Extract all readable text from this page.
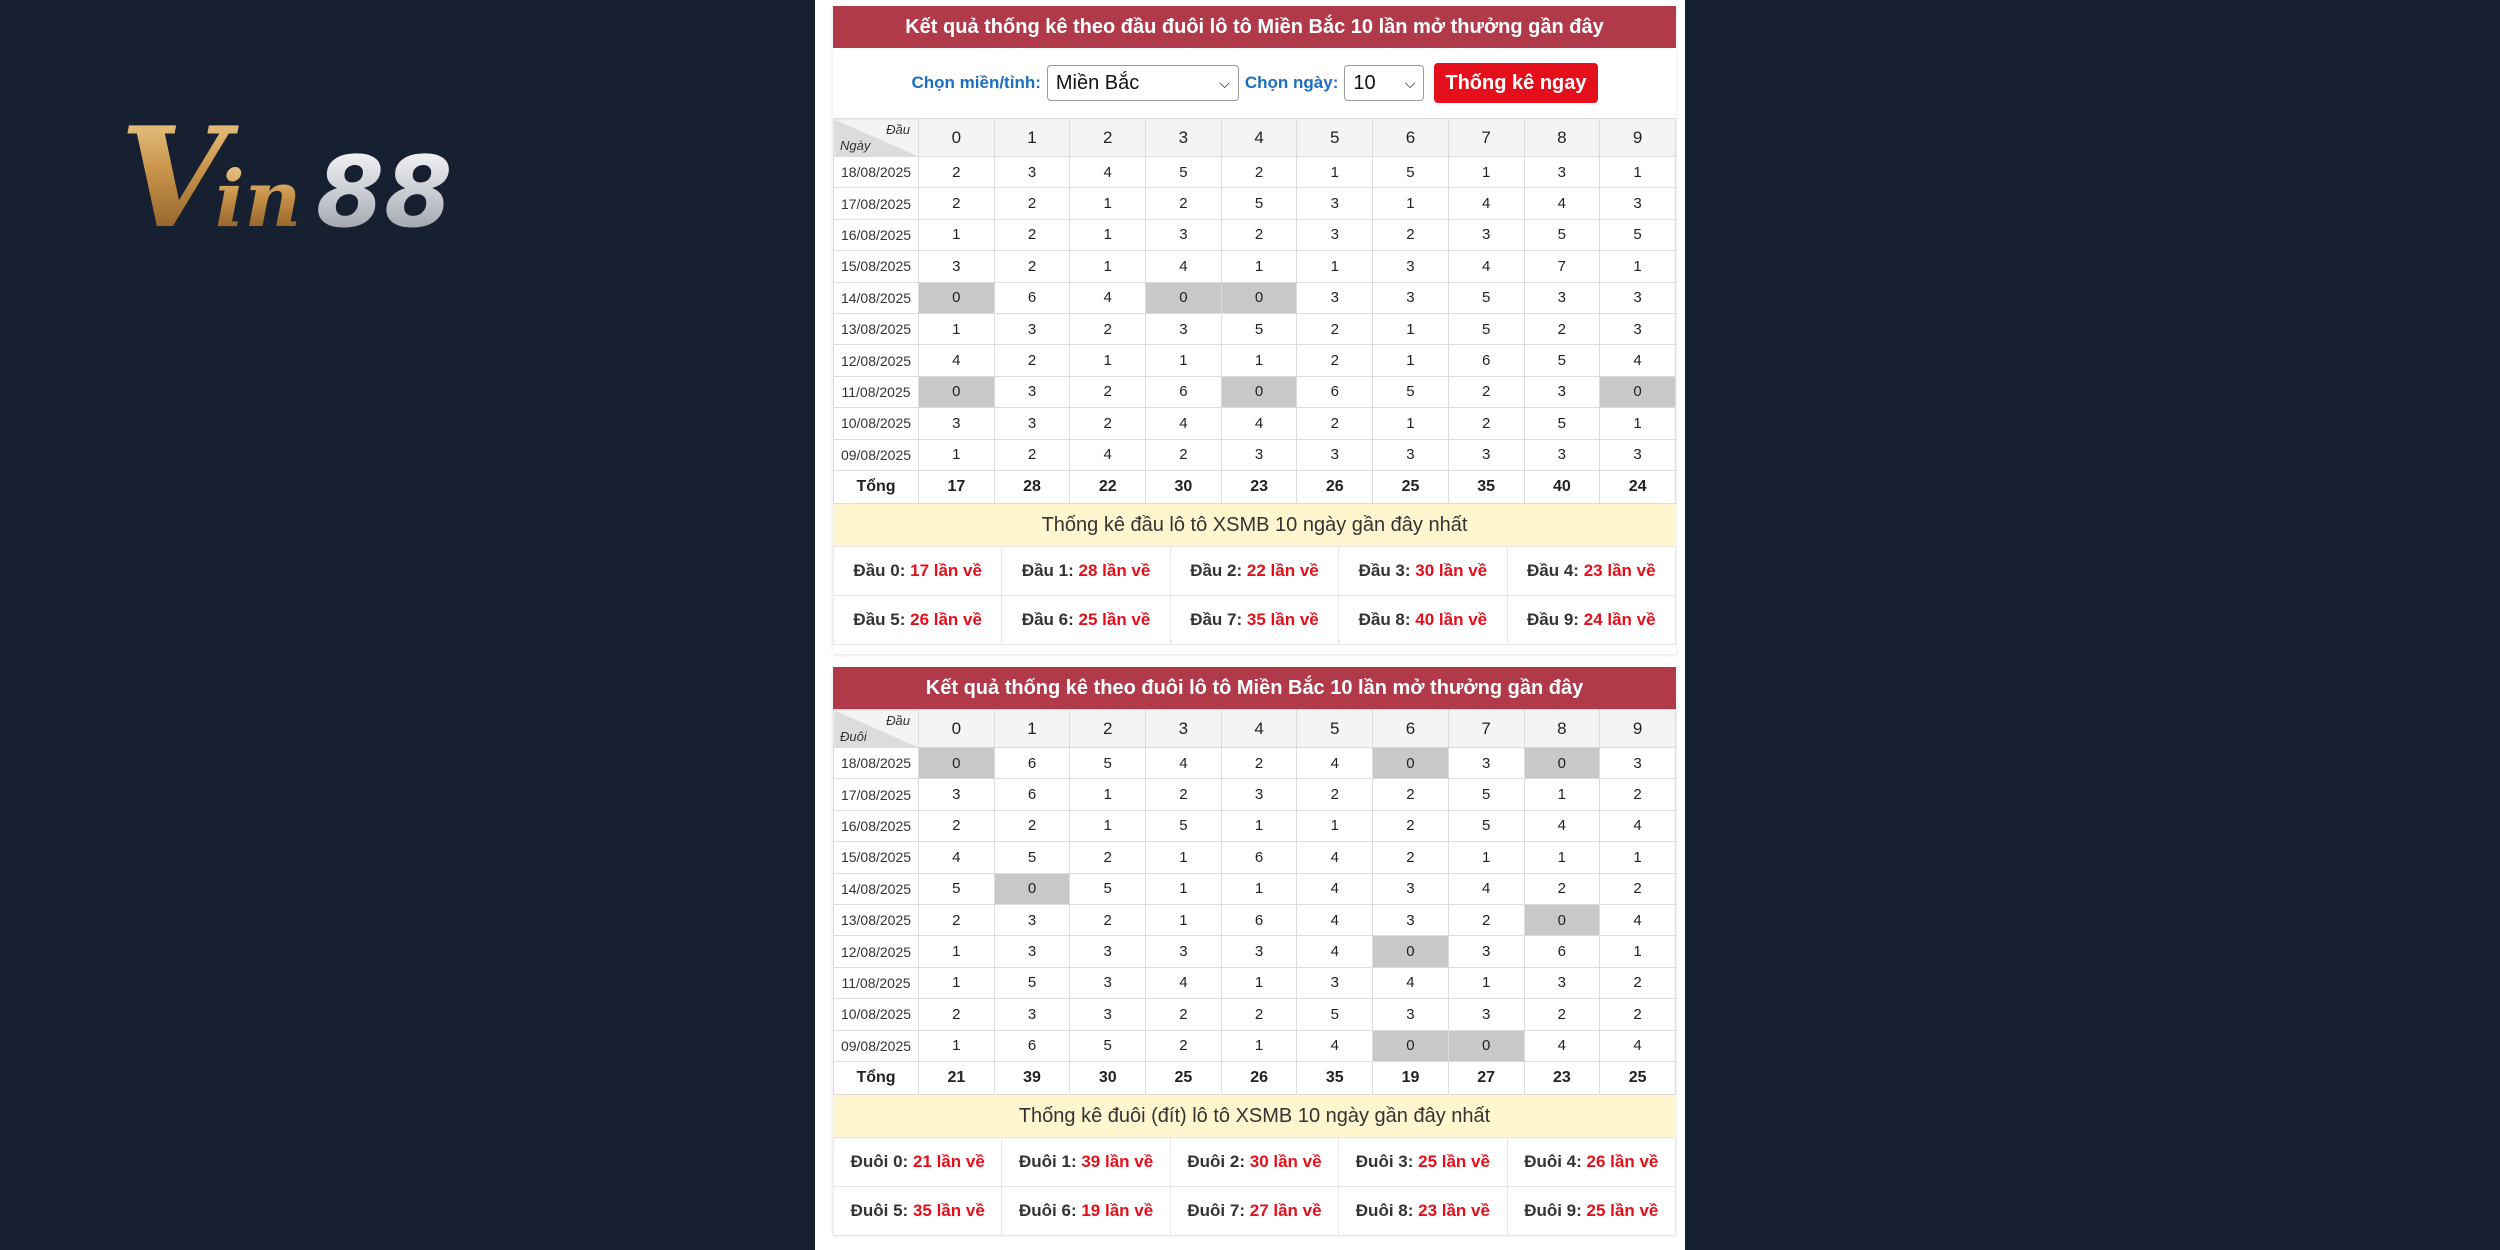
V
in 88
Kết quả thống kê theo đầu đuôi lô tô Miền Bắc 10 lần mở thưởng gần đây
Chọn miền/tỉnh: Miền Bắc	⌵ Chọn ngày: 10 ⌵	Thống kê ngay
Đầu
Ngày	0	1	2	3	4	5	6	7	8	9
18/08/2025	2	3	4	5	2	1	5	1	3	1
17/08/2025	2	2	1	2	5	3	1	4	4	3
16/08/2025	1	2	1	3	2	3	2	3	5	5
15/08/2025	3	2	1	4	1	1	3	4	7	1
14/08/2025	0	6	4	0	0	3	3	5	3	3
13/08/2025	1	3	2	3	5	2	1	5	2	3
12/08/2025	4	2	1	1	1	2	1	6	5	4
11/08/2025	0	3	2	6	0	6	5	2	3	0
10/08/2025	3	3	2	4	4	2	1	2	5	1
09/08/2025	1	2	4	2	3	3	3	3	3	3
Tổng	17	28	22	30	23	26	25	35	40	24
Thống kê đầu lô tô XSMB 10 ngày gần đây nhất
Đầu 0: 17 lần về	Đầu 1: 28 lần về	Đầu 2: 22 lần về	Đầu 3: 30 lần về	Đầu 4: 23 lần về
Đầu 5: 26 lần về	Đầu 6: 25 lần về	Đầu 7: 35 lần về	Đầu 8: 40 lần về	Đầu 9: 24 lần về
Kết quả thống kê theo đuôi lô tô Miền Bắc 10 lần mở thưởng gần đây
Đầu
Đuôi	0	1	2	3	4	5	6	7	8	9
18/08/2025	0	6	5	4	2	4	0	3	0	3
17/08/2025	3	6	1	2	3	2	2	5	1	2
16/08/2025	2	2	1	5	1	1	2	5	4	4
15/08/2025	4	5	2	1	6	4	2	1	1	1
14/08/2025	5	0	5	1	1	4	3	4	2	2
13/08/2025	2	3	2	1	6	4	3	2	0	4
12/08/2025	1	3	3	3	3	4	0	3	6	1
11/08/2025	1	5	3	4	1	3	4	1	3	2
10/08/2025	2	3	3	2	2	5	3	3	2	2
09/08/2025	1	6	5	2	1	4	0	0	4	4
Tổng	21	39	30	25	26	35	19	27	23	25
Thống kê đuôi (đít) lô tô XSMB 10 ngày gần đây nhất
Đuôi 0: 21 lần về	Đuôi 1: 39 lần về	Đuôi 2: 30 lần về	Đuôi 3: 25 lần về	Đuôi 4: 26 lần về
Đuôi 5: 35 lần về	Đuôi 6: 19 lần về	Đuôi 7: 27 lần về	Đuôi 8: 23 lần về	Đuôi 9: 25 lần về
